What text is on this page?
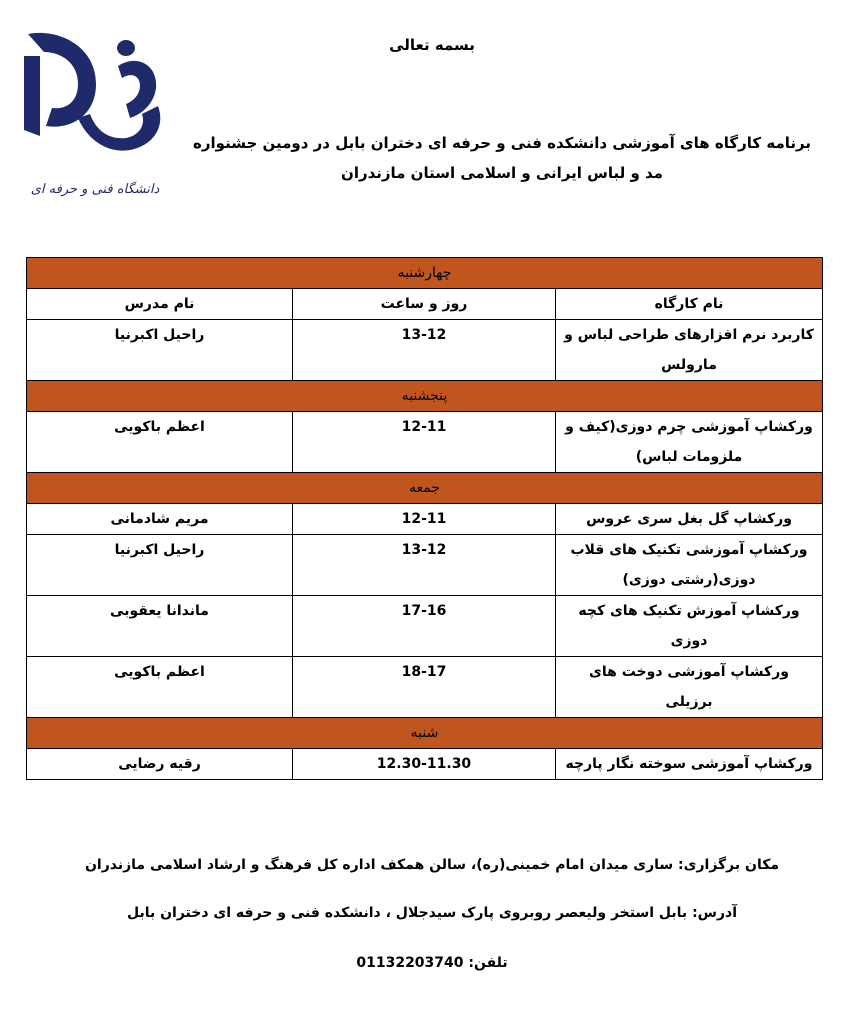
دانشگاه فنی و حرفه ای
بسمه تعالی
برنامه کارگاه های آموزشی دانشکده فنی و حرفه ای دختران بابل در دومین جشنواره مد و لباس ایرانی و اسلامی استان مازندران
چهارشنبه		
نام کارگاه	روز و ساعت	نام مدرس
کاربرد نرم افزارهای طراحی لباس و مارولس	13-12	راحیل اکبرنیا
پنجشنبه		
ورکشاپ آموزشی چرم دوزی(کیف و ملزومات لباس)	12-11	اعظم باکویی
جمعه		
ورکشاپ گل بغل سری عروس	12-11	مریم شادمانی
ورکشاپ آموزشی تکنیک های قلاب دوزی(رشتی دوزی)	13-12	راحیل اکبرنیا
ورکشاپ آموزش تکنیک های کچه دوزی	17-16	ماندانا یعقوبی
ورکشاپ آموزشی دوخت های برزیلی	18-17	اعظم باکویی
شنبه		
ورکشاپ آموزشی سوخته نگار پارچه	12.30-11.30	رقیه رضایی
مکان برگزاری: ساری میدان امام خمینی(ره)، سالن همکف اداره کل فرهنگ و ارشاد اسلامی مازندران
آدرس: بابل استخر ولیعصر روبروی پارک سیدجلال ، دانشکده فنی و حرفه ای دختران بابل
تلفن: 01132203740
